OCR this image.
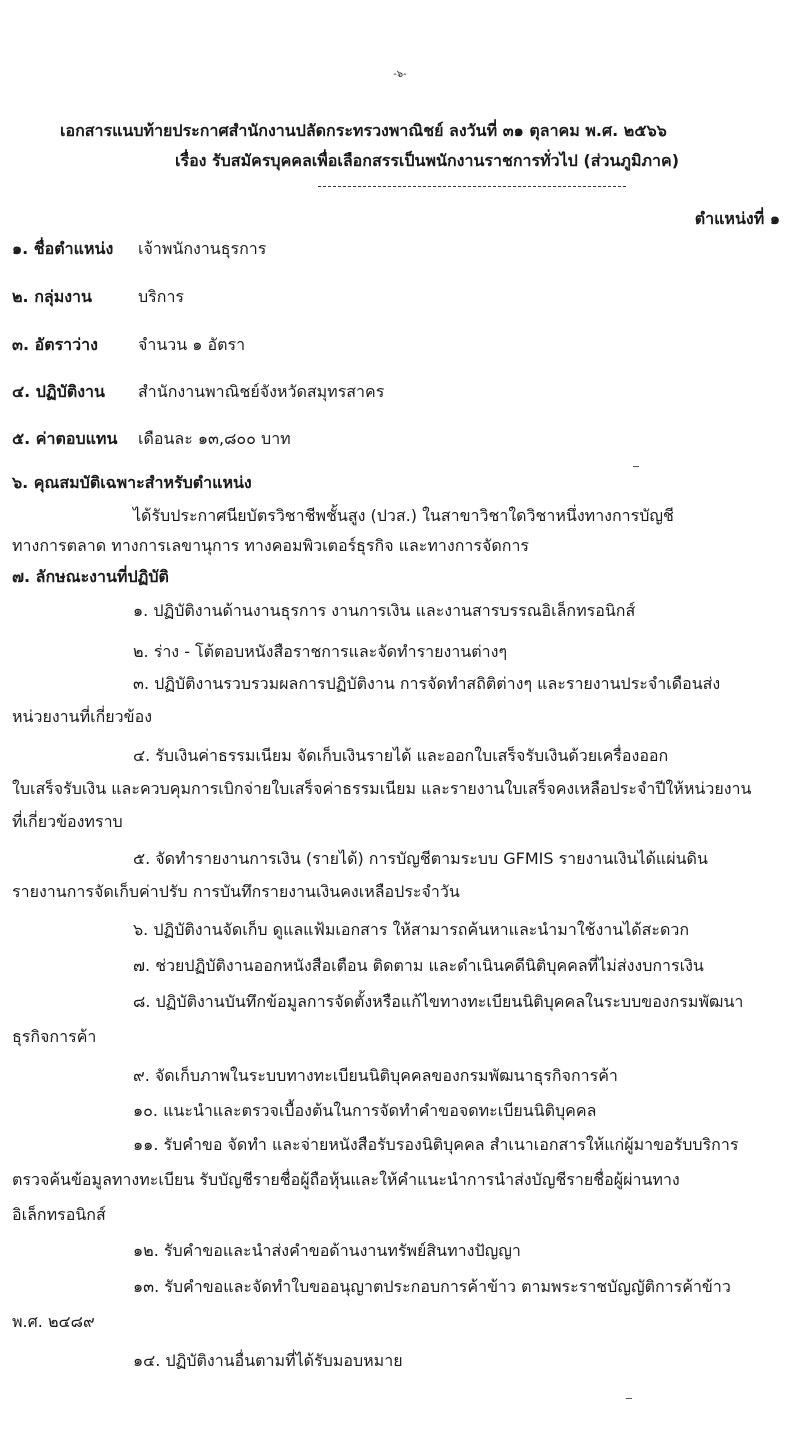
-๖-
เอกสารแนบท้ายประกาศสำนักงานปลัดกระทรวงพาณิชย์ ลงวันที่ ๓๑ ตุลาคม พ.ศ. ๒๕๖๖
เรื่อง รับสมัครบุคคลเพื่อเลือกสรรเป็นพนักงานราชการทั่วไป (ส่วนภูมิภาค)
ตำแหน่งที่ ๑
๑. ชื่อตำแหน่ง เจ้าพนักงานธุรการ
๒. กลุ่มงาน	บริการ
๓. อัตราว่าง	จำนวน ๑ อัตรา
๔. ปฏิบัติงาน สำนักงานพาณิชย์จังหวัดสมุทรสาคร
๕. ค่าตอบแทน เดือนละ ๑๓,๘๐๐ บาท
๖. คุณสมบัติเฉพาะสำหรับตำแหน่ง
ได้รับประกาศนียบัตรวิชาชีพชั้นสูง (ปวส.) ในสาขาวิชาใดวิชาหนึ่งทางการบัญชี
ทางการตลาด ทางการเลขานุการ ทางคอมพิวเตอร์ธุรกิจ และทางการจัดการ
๗. ลักษณะงานที่ปฏิบัติ
๑. ปฏิบัติงานด้านงานธุรการ งานการเงิน และงานสารบรรณอิเล็กทรอนิกส์
๒. ร่าง - โต้ตอบหนังสือราชการและจัดทำรายงานต่างๆ
๓. ปฏิบัติงานรวบรวมผลการปฏิบัติงาน การจัดทำสถิติต่างๆ และรายงานประจำเดือนส่ง
หน่วยงานที่เกี่ยวข้อง
๔. รับเงินค่าธรรมเนียม จัดเก็บเงินรายได้ และออกใบเสร็จรับเงินด้วยเครื่องออก
ใบเสร็จรับเงิน และควบคุมการเบิกจ่ายใบเสร็จค่าธรรมเนียม และรายงานใบเสร็จคงเหลือประจำปีให้หน่วยงาน
ที่เกี่ยวข้องทราบ
๕. จัดทำรายงานการเงิน (รายได้) การบัญชีตามระบบ GFMIS รายงานเงินได้แผ่นดิน
รายงานการจัดเก็บค่าปรับ การบันทึกรายงานเงินคงเหลือประจำวัน
๖. ปฏิบัติงานจัดเก็บ ดูแลแฟ้มเอกสาร ให้สามารถค้นหาและนำมาใช้งานได้สะดวก
๗. ช่วยปฏิบัติงานออกหนังสือเตือน ติดตาม และดำเนินคดีนิติบุคคลที่ไม่ส่งงบการเงิน
๘. ปฏิบัติงานบันทึกข้อมูลการจัดตั้งหรือแก้ไขทางทะเบียนนิติบุคคลในระบบของกรมพัฒนา
ธุรกิจการค้า
๙. จัดเก็บภาพในระบบทางทะเบียนนิติบุคคลของกรมพัฒนาธุรกิจการค้า
๑๐. แนะนำและตรวจเบื้องต้นในการจัดทำคำขอจดทะเบียนนิติบุคคล
๑๑. รับคำขอ จัดทำ และจ่ายหนังสือรับรองนิติบุคคล สำเนาเอกสารให้แก่ผู้มาขอรับบริการ
ตรวจค้นข้อมูลทางทะเบียน รับบัญชีรายชื่อผู้ถือหุ้นและให้คำแนะนำการนำส่งบัญชีรายชื่อผู้ผ่านทาง
อิเล็กทรอนิกส์
๑๒. รับคำขอและนำส่งคำขอด้านงานทรัพย์สินทางปัญญา
๑๓. รับคำขอและจัดทำใบขออนุญาตประกอบการค้าข้าว ตามพระราชบัญญัติการค้าข้าว
พ.ศ. ๒๔๘๙
๑๔. ปฏิบัติงานอื่นตามที่ได้รับมอบหมาย
